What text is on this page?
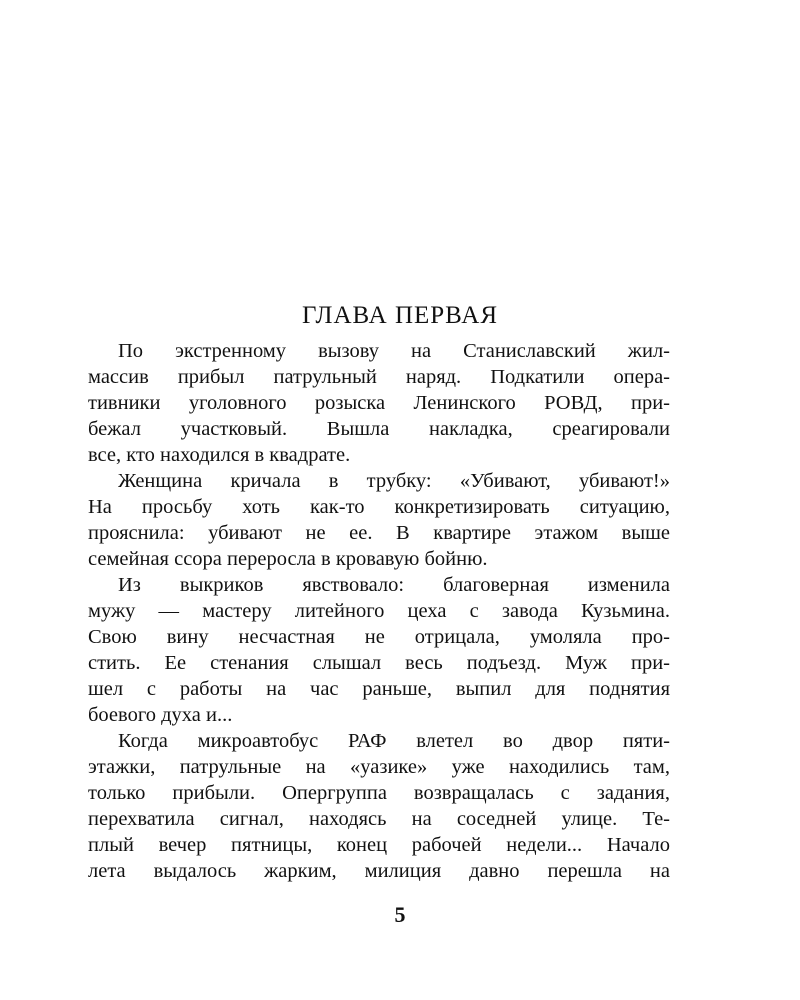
ГЛАВА ПЕРВАЯ

По экстренному вызову на Станиславский жил-
массив прибыл патрульный наряд. Подкатили опера-
тивники уголовного розыска Ленинского РОВД, при-
бежал участковый. Вышла накладка, среагировали
все, кто находился в квадрате.

Женщина кричала в трубку: «Убивают, убивают!»
На просьбу хоть как-то конкретизировать ситуацию,
прояснила: убивают не ее. В квартире этажом выше
семейная ссора переросла в кровавую бойню.

Из выкриков явствовало: благоверная изменила
мужу — мастеру литейного цеха с завода Кузьмина.
Свою вину несчастная не отрицала, умоляла про-
стить. Ее стенания слышал весь подъезд. Муж при-
шел с работы на час раньше, выпил для поднятия
боевого духа и...

Когда микроавтобус РАФ влетел во двор пяти-
этажки, патрульные на «уазике» уже находились там,
только прибыли. Опергруппа возвращалась с задания,
перехватила сигнал, находясь на соседней улице. Те-
плый вечер пятницы, конец рабочей недели... Начало
лета выдалось жарким, милиция давно перешла на

5
